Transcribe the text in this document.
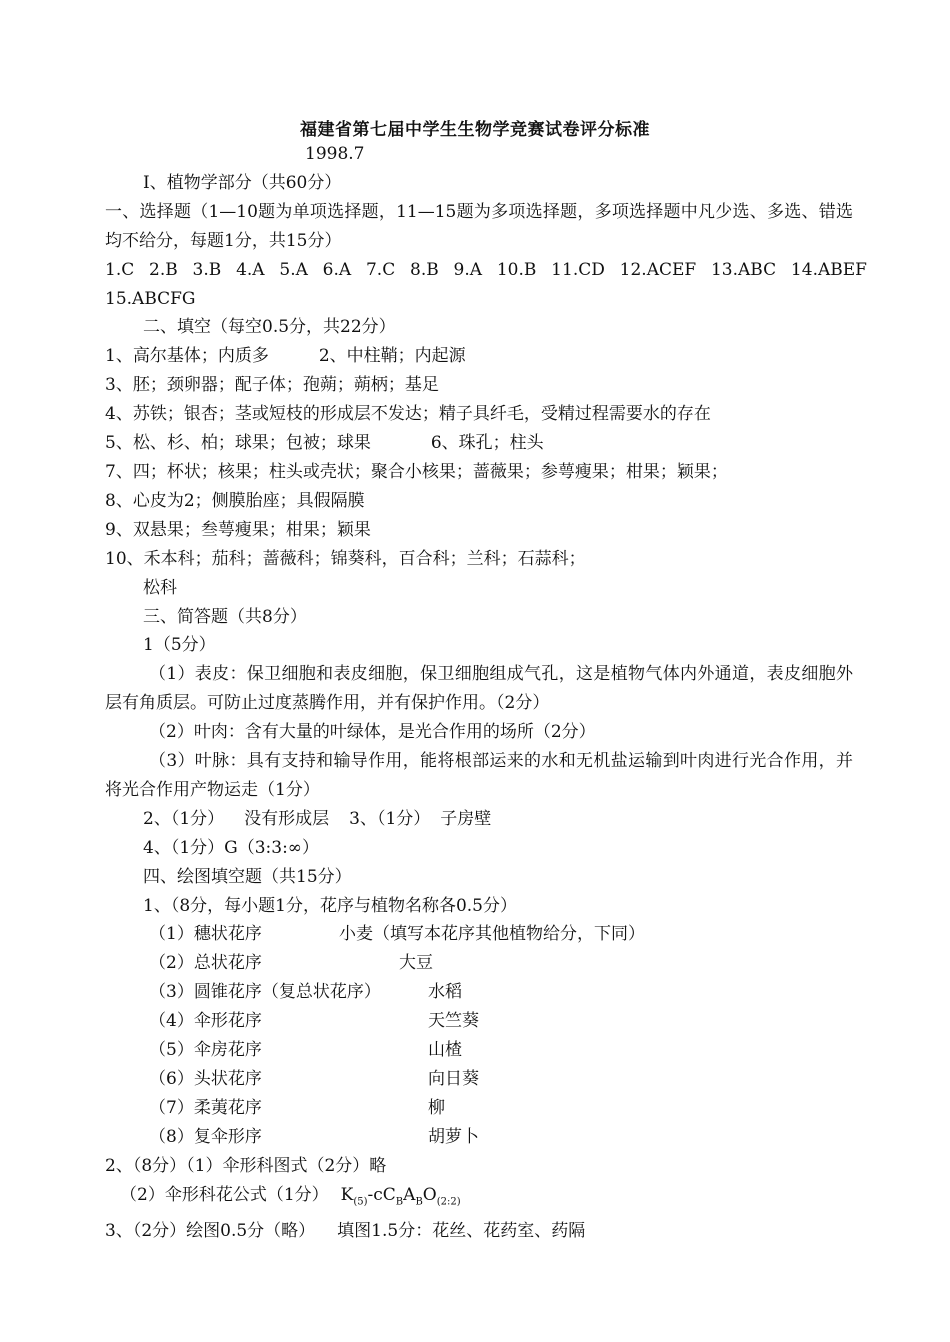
福建省第七届中学生生物学竞赛试卷评分标准

1998.7

I、植物学部分（共60分）

一、选择题（1—10题为单项选择题，11—15题为多项选择题，多项选择题中凡少选、多选、错选均不给分，每题1分，共15分）

1.C  2.B  3.B  4.A  5.A  6.A  7.C  8.B  9.A  10.B  11.CD  12.ACEF  13.ABC  14.ABEF

15.ABCFG

二、填空（每空0.5分，共22分）

1、高尔基体；内质多	2、中柱鞘；内起源

3、胚；颈卵器；配子体；孢蒴；蒴柄；基足

4、苏铁；银杏；茎或短枝的形成层不发达；精子具纤毛，受精过程需要水的存在

5、松、杉、柏；球果；包被；球果	6、珠孔；柱头

7、四；杯状；核果；柱头或壳状；聚合小核果；蔷薇果；参萼瘦果；柑果；颖果；

8、心皮为2；侧膜胎座；具假隔膜

9、双悬果；叁萼瘦果；柑果；颖果

10、禾本科；茄科；蔷薇科；锦葵科，百合科；兰科；石蒜科；

松科

三、简答题（共8分）

1（5分）

（1）表皮：保卫细胞和表皮细胞，保卫细胞组成气孔，这是植物气体内外通道，表皮细胞外层有角质层。可防止过度蒸腾作用，并有保护作用。（2分）

（2）叶肉：含有大量的叶绿体，是光合作用的场所（2分）

（3）叶脉：具有支持和输导作用，能将根部运来的水和无机盐运输到叶肉进行光合作用，并将光合作用产物运走（1分）

2、（1分） 没有形成层 3、（1分） 子房壁

4、（1分）G（3:3:∞）

四、绘图填空题（共15分）

1、（8分，每小题1分，花序与植物名称各0.5分）

（1）穗状花序	小麦（填写本花序其他植物给分，下同）

（2）总状花序	大豆

（3）圆锥花序（复总状花序）	水稻

（4）伞形花序	天竺葵

（5）伞房花序	山楂

（6）头状花序	向日葵

（7）柔荑花序	柳

（8）复伞形序	胡萝卜

2、（8分）（1）伞形科图式（2分）略

（2）伞形科花公式（1分） $K_{(5)}-cC_BA_BO_{(2:2)}$

3、（2分）绘图0.5分（略） 填图1.5分：花丝、花药室、药隔
